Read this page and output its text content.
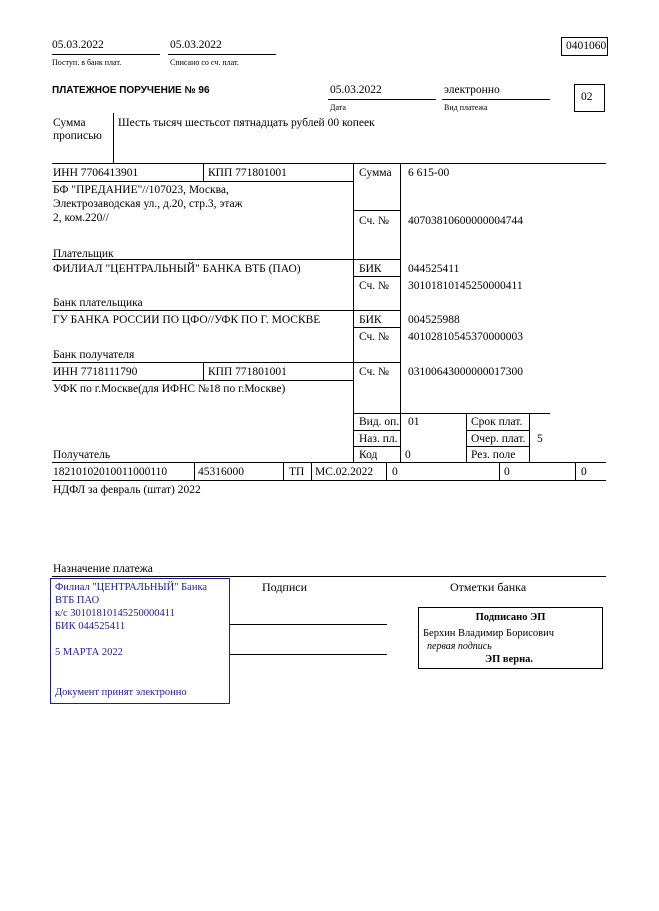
05.03.2022
Поступ. в банк плат.
05.03.2022
Списано со сч. плат.
0401060
ПЛАТЕЖНОЕ ПОРУЧЕНИЕ № 96	05.03.2022
Дата
электронно
Вид платежа
02
Сумма
прописью
Шесть тысяч шестьсот пятнадцать рублей 00 копеек
ИНН 7706413901	КПП 771801001
БФ "ПРЕДАНИЕ"//107023, Москва,
Электрозаводская ул., д.20, стр.3, этаж
2, ком.220//
Плательщик
Сумма 6 615-00
Сч. № 40703810600000004744
ФИЛИАЛ "ЦЕНТРАЛЬНЫЙ" БАНКА ВТБ (ПАО)	БИК 044525411
Сч. № 30101810145250000411
Банк плательщика
ГУ БАНКА РОССИИ ПО ЦФО//УФК ПО Г. МОСКВЕ	БИК 004525988
Сч. № 40102810545370000003
Банк получателя
ИНН 7718111790	КПП 771801001
УФК по г.Москве(для ИФНС №18 по г.Москве)
Сч. № 03100643000000017300
Вид. оп. 01	Срок плат.
Наз. пл.	Очер. плат. 5
Код 0	Рез. поле
Получатель
18210102010011000110	45316000	ТП МС.02.2022 0	0	0
НДФЛ за февраль (штат) 2022
Назначение платежа
Подписи	Отметки банка
Филиал "ЦЕНТРАЛЬНЫЙ" Банка
ВТБ ПАО
к/с 30101810145250000411
БИК 044525411
5 МАРТА 2022
Документ принят электронно
Подписано ЭП
Берхин Владимир Борисович
первая подпись
ЭП верна.
